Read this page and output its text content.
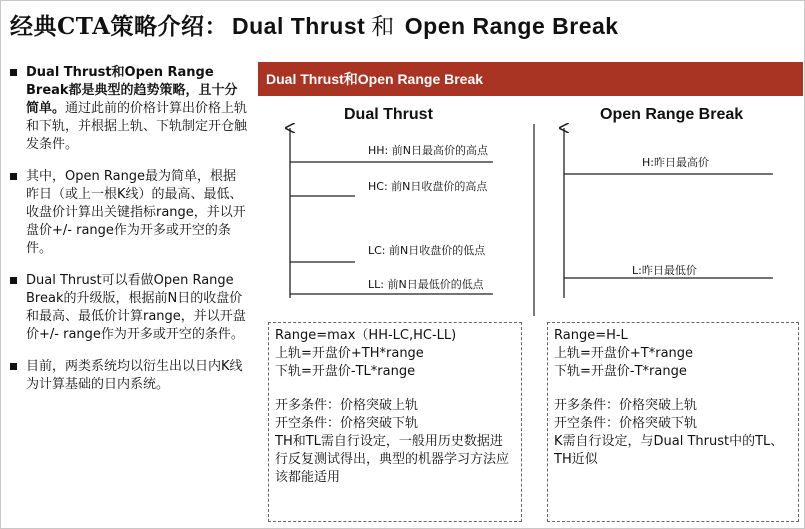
经典CTA策略介绍： Dual Thrust 和 Open Range Break
Dual Thrust和Open Range Break都是典型的趋势策略，且十分简单。通过此前的价格计算出价格上轨和下轨，并根据上轨、下轨制定开仓触发条件。
其中，Open Range最为简单，根据昨日（或上一根K线）的最高、最低、收盘价计算出关键指标range，并以开盘价+/- range作为开多或开空的条件。
Dual Thrust可以看做Open Range Break的升级版，根据前N日的收盘价和最高、最低价计算range，并以开盘价+/- range作为开多或开空的条件。
目前，两类系统均以衍生出以日内K线为计算基础的日内系统。
Dual Thrust和Open Range Break
Dual Thrust	Open Range Break
HH: 前N日最高价的高点
HC: 前N日收盘价的高点
LC: 前N日收盘价的低点
LL: 前N日最低价的低点
H:昨日最高价
L:昨日最低价
Range=max（HH-LC,HC-LL)
上轨=开盘价+TH*range
下轨=开盘价-TL*range
开多条件：价格突破上轨
开空条件：价格突破下轨
TH和TL需自行设定，一般用历史数据进行反复测试得出，典型的机器学习方法应该都能适用
Range=H-L
上轨=开盘价+T*range
下轨=开盘价-T*range
开多条件：价格突破上轨
开空条件：价格突破下轨
K需自行设定，与Dual Thrust中的TL、TH近似
